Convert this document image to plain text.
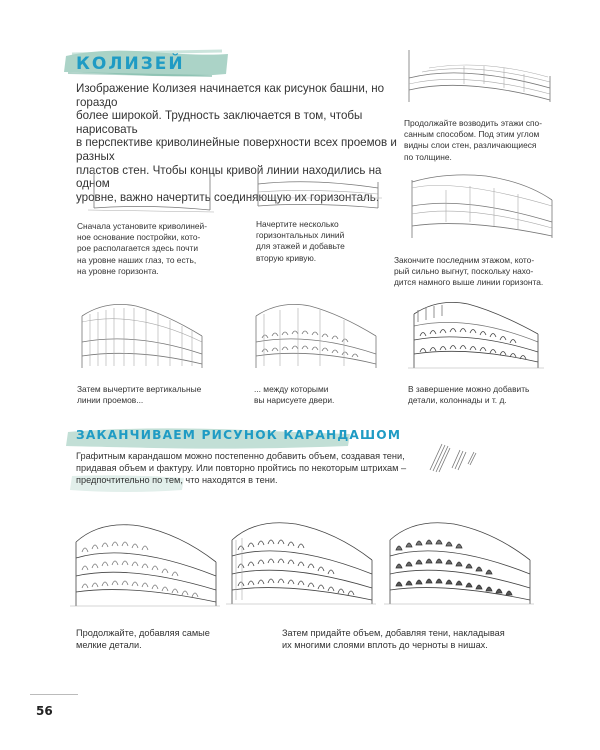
КОЛИЗЕЙ
Изображение Колизея начинается как рисунок башни, но гораздо
более широкой. Трудность заключается в том, чтобы нарисовать
в перспективе криволинейные поверхности всех проемов и разных
пластов стен. Чтобы концы кривой линии находились на одном
уровне, важно начертить соединяющую их горизонталь.
Продолжайте возводить этажи спо-
санным способом. Под этим углом
видны слои стен, различающиеся
по толщине.
Сначала установите криволиней-
ное основание постройки, кото-
рое располагается здесь почти
на уровне наших глаз, то есть,
на уровне горизонта.
Начертите несколько
горизонтальных линий
для этажей и добавьте
вторую кривую.	Закончите последним этажом, кото-
рый сильно выгнут, поскольку нахо-
дится намного выше линии горизонта.
Затем вычертите вертикальные
линии проемов...
... между которыми
вы нарисуете двери.
В завершение можно добавить
детали, колоннады и т. д.
ЗАКАНЧИВАЕМ РИСУНОК КАРАНДАШОМ
Графитным карандашом можно постепенно добавить объем, создавая тени,
придавая объем и фактуру. Или повторно пройтись по некоторым штрихам –
предпочтительно по тем, что находятся в тени.
Продолжайте, добавляя самые
мелкие детали.
Затем придайте объем, добавляя тени, накладывая
их многими слоями вплоть до черноты в нишах.
56
